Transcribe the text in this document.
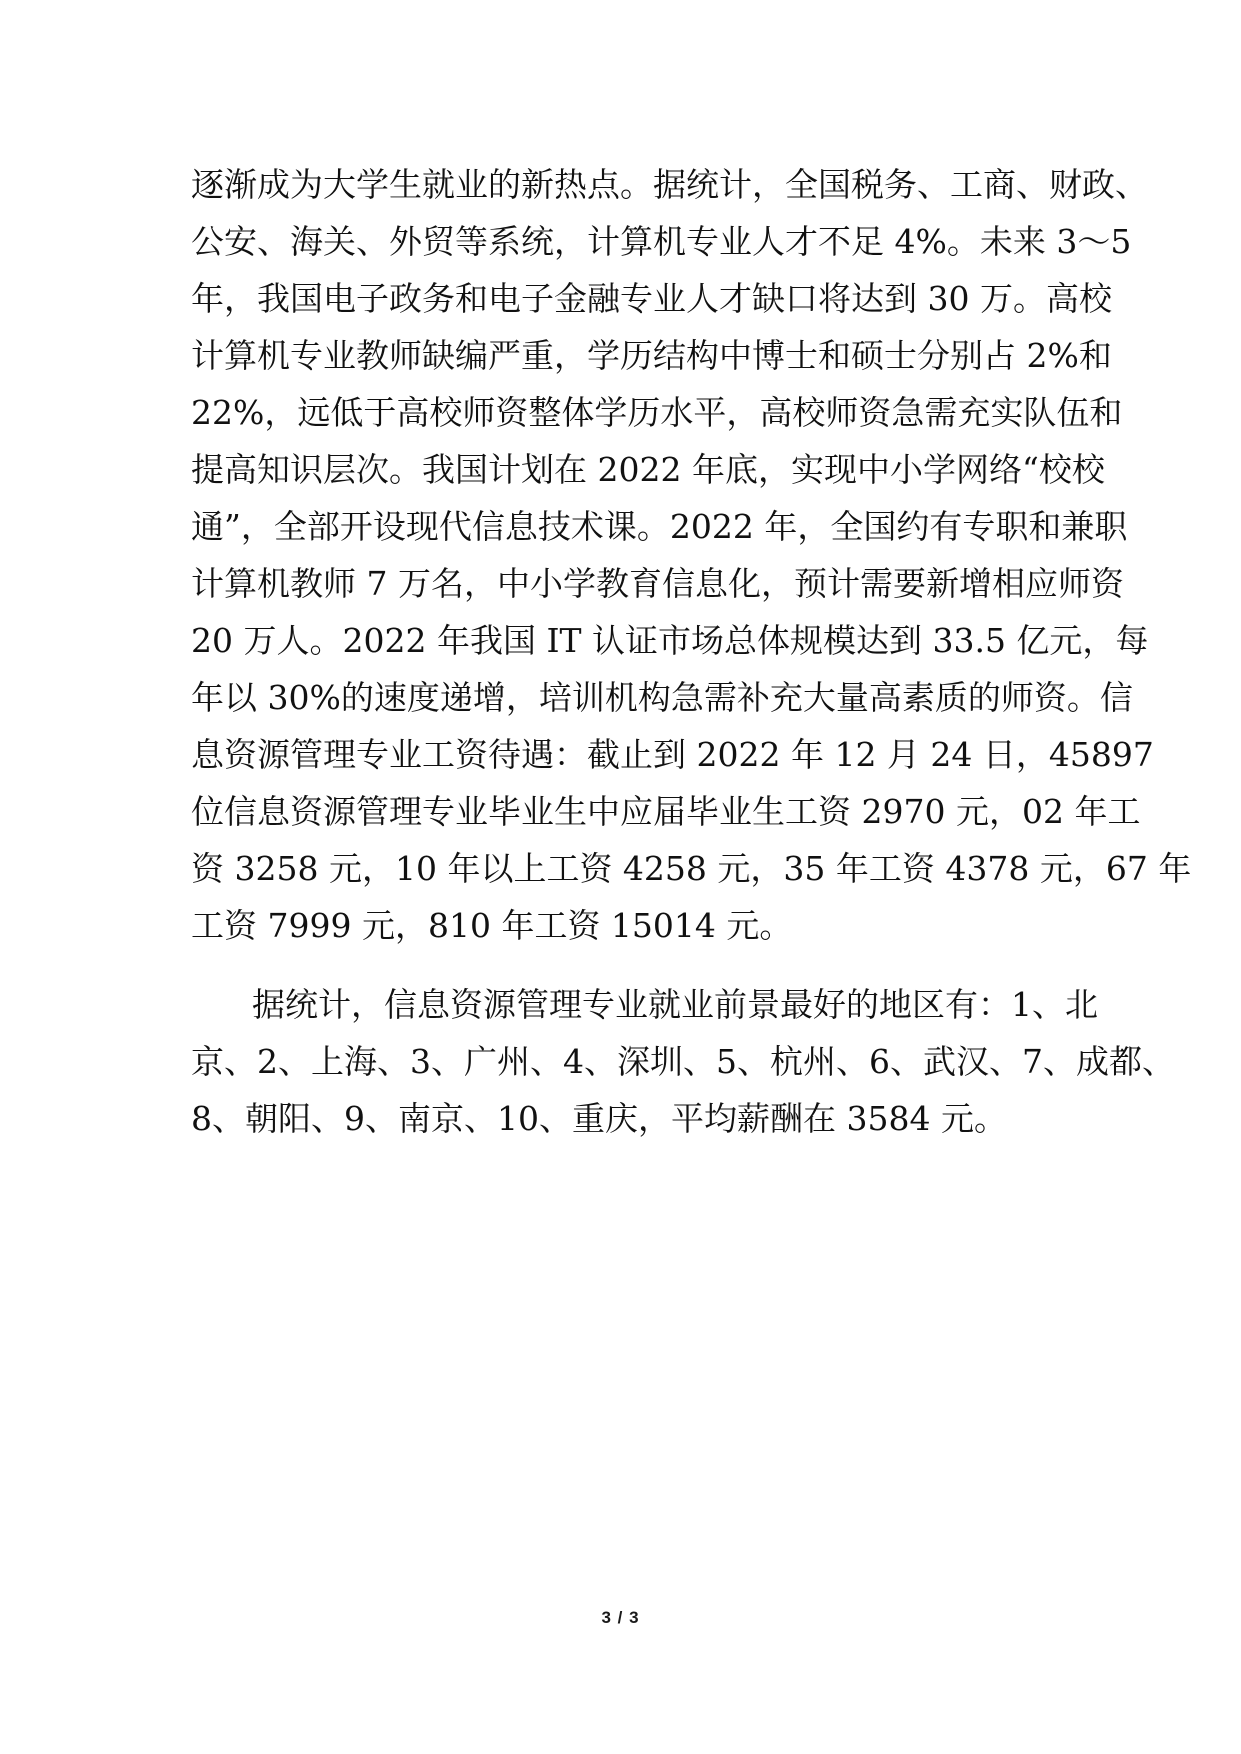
逐渐成为大学生就业的新热点。据统计，全国税务、工商、财政、
公安、海关、外贸等系统，计算机专业人才不足 4%。未来 3～5
年，我国电子政务和电子金融专业人才缺口将达到 30 万。高校
计算机专业教师缺编严重，学历结构中博士和硕士分别占 2%和
22%，远低于高校师资整体学历水平，高校师资急需充实队伍和
提高知识层次。我国计划在 2022 年底，实现中小学网络“校校
通”，全部开设现代信息技术课。2022 年，全国约有专职和兼职
计算机教师 7 万名，中小学教育信息化，预计需要新增相应师资
20 万人。2022 年我国 IT 认证市场总体规模达到 33.5 亿元，每
年以 30%的速度递增，培训机构急需补充大量高素质的师资。信
息资源管理专业工资待遇：截止到 2022 年 12 月 24 日，45897
位信息资源管理专业毕业生中应届毕业生工资 2970 元，02 年工
资 3258 元，10 年以上工资 4258 元，35 年工资 4378 元，67 年
工资 7999 元，810 年工资 15014 元。
据统计，信息资源管理专业就业前景最好的地区有：1、北
京、2、上海、3、广州、4、深圳、5、杭州、6、武汉、7、成都、
8、朝阳、9、南京、10、重庆，平均薪酬在 3584 元。
3 / 3
